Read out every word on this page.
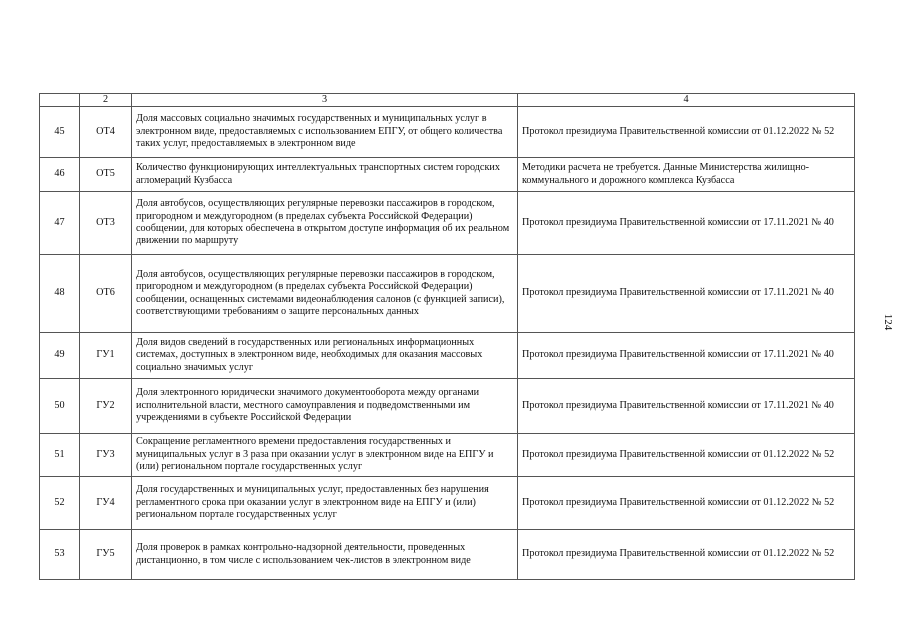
	2	3	4
45	ОТ4	Доля массовых социально значимых государственных и муниципальных услуг в электронном виде, предоставляемых с использованием ЕПГУ, от общего количества таких услуг, предоставляемых в электронном виде	Протокол президиума Правительственной комиссии от 01.12.2022 № 52
46	ОТ5	Количество функционирующих интеллектуальных транспортных систем городских агломераций Кузбасса	Методики расчета не требуется. Данные Министерства жилищно-коммунального и дорожного комплекса Кузбасса
47	ОТ3	Доля автобусов, осуществляющих регулярные перевозки пассажиров в городском, пригородном и междугородном (в пределах субъекта Российской Федерации) сообщении, для которых обеспечена в открытом доступе информация об их реальном движении по маршруту	Протокол президиума Правительственной комиссии от 17.11.2021 № 40
48	ОТ6	Доля автобусов, осуществляющих регулярные перевозки пассажиров в городском, пригородном и междугородном (в пределах субъекта Российской Федерации) сообщении, оснащенных системами видеонаблюдения салонов (с функцией записи), соответствующими требованиям о защите персональных данных	Протокол президиума Правительственной комиссии от 17.11.2021 № 40
49	ГУ1	Доля видов сведений в государственных или региональных информационных системах, доступных в электронном виде, необходимых для оказания массовых социально значимых услуг	Протокол президиума Правительственной комиссии от 17.11.2021 № 40
50	ГУ2	Доля электронного юридически значимого документооборота между органами исполнительной власти, местного самоуправления и подведомственными им учреждениями в субъекте Российской Федерации	Протокол президиума Правительственной комиссии от 17.11.2021 № 40
51	ГУ3	Сокращение регламентного времени предоставления государственных и муниципальных услуг в 3 раза при оказании услуг в электронном виде на ЕПГУ и (или) региональном портале государственных услуг	Протокол президиума Правительственной комиссии от 01.12.2022 № 52
52	ГУ4	Доля государственных и муниципальных услуг, предоставленных без нарушения регламентного срока при оказании услуг в электронном виде на ЕПГУ и (или) региональном портале государственных услуг	Протокол президиума Правительственной комиссии от 01.12.2022 № 52
53	ГУ5	Доля проверок в рамках контрольно-надзорной деятельности, проведенных дистанционно, в том числе с использованием чек-листов в электронном виде	Протокол президиума Правительственной комиссии от 01.12.2022 № 52
124
